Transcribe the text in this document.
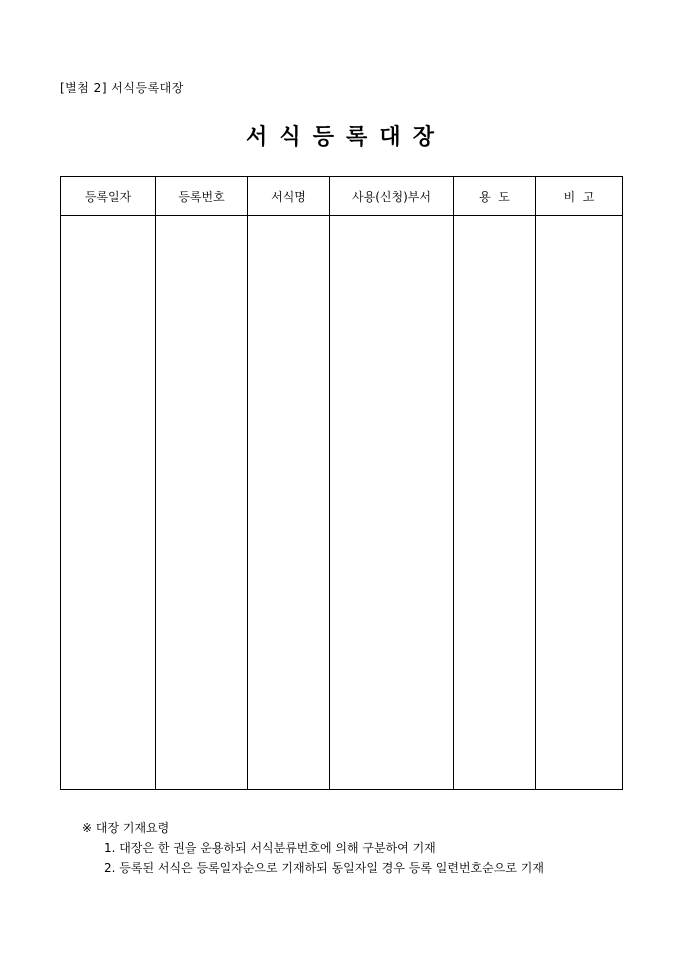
[별첨 2] 서식등록대장
서식등록대장
등록일자	등록번호	서식명	사용(신청)부서	용  도	비  고

※ 대장 기재요령
1. 대장은 한 권을 운용하되 서식분류번호에 의해 구분하여 기재
2. 등록된 서식은 등록일자순으로 기재하되 동일자일 경우 등록 일련번호순으로 기재
